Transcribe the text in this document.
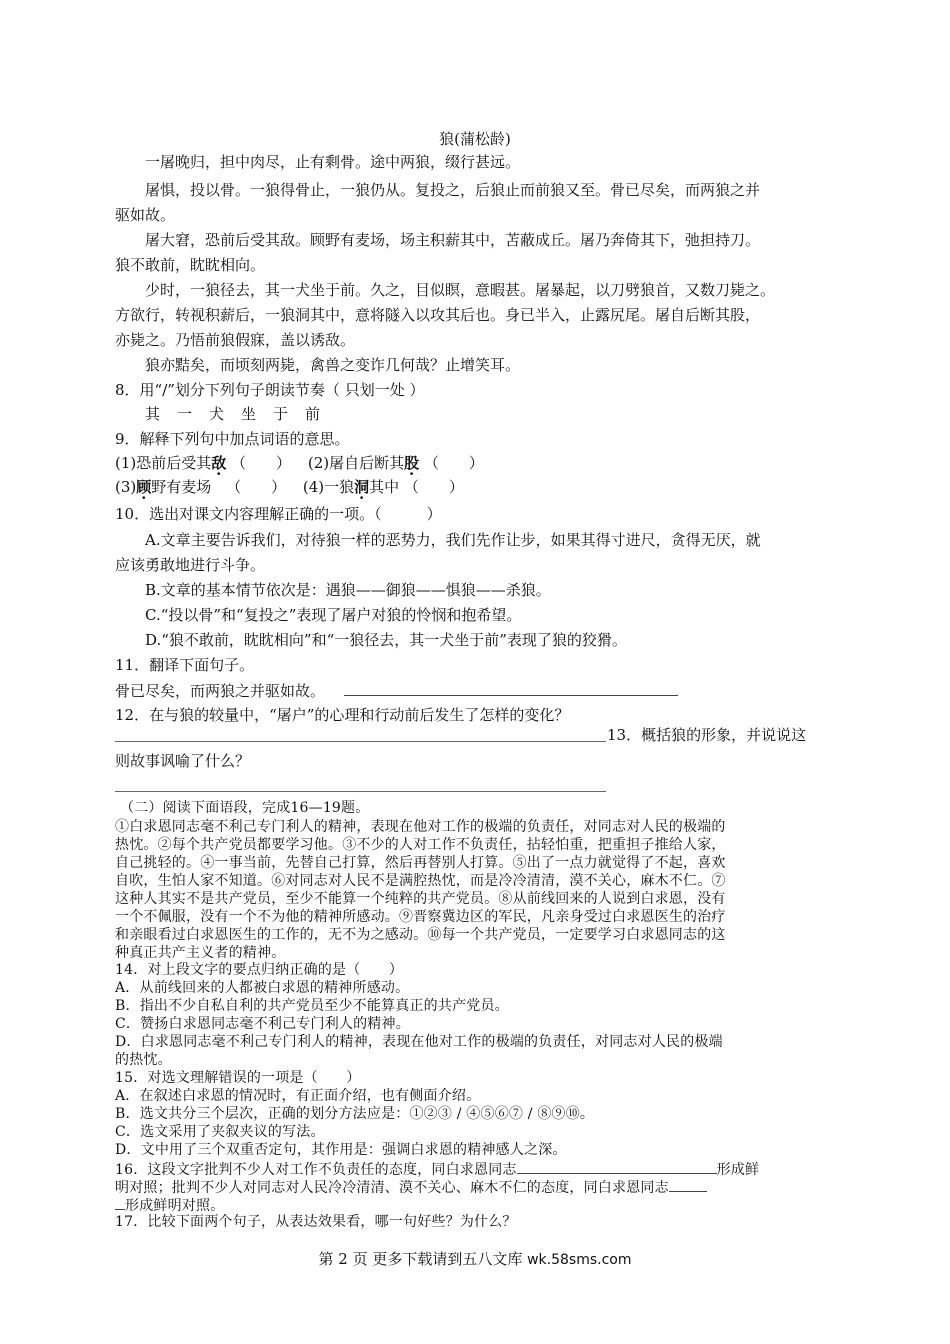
狼(蒲松龄)
一屠晚归，担中肉尽，止有剩骨。途中两狼，缀行甚远。
屠惧，投以骨。一狼得骨止，一狼仍从。复投之，后狼止而前狼又至。骨已尽矣，而两狼之并
驱如故。
屠大窘，恐前后受其敌。顾野有麦场，场主积薪其中，苫蔽成丘。屠乃奔倚其下，弛担持刀。
狼不敢前，眈眈相向。
少时，一狼径去，其一犬坐于前。久之，目似瞑，意暇甚。屠暴起，以刀劈狼首，又数刀毙之。
方欲行，转视积薪后，一狼洞其中，意将隧入以攻其后也。身已半入，止露尻尾。屠自后断其股，
亦毙之。乃悟前狼假寐，盖以诱敌。
狼亦黠矣，而顷刻两毙，禽兽之变诈几何哉？止增笑耳。
8．用“/”划分下列句子朗读节奏（ 只划一处 ）
其一犬坐于前
9．解释下列句中加点词语的意思。
(1)恐前后受其敌 （　　） (2)屠自后断其股 （　　）
(3)顾野有麦场 （　　） (4)一狼洞其中 （　　）
10．选出对课文内容理解正确的一项。（　　　）
A.文章主要告诉我们，对待狼一样的恶势力，我们先作让步，如果其得寸进尺，贪得无厌，就
应该勇敢地进行斗争。
B.文章的基本情节依次是：遇狼——御狼——惧狼——杀狼。
C.“投以骨”和“复投之”表现了屠户对狼的怜悯和抱希望。
D.“狼不敢前，眈眈相向”和“一狼径去，其一犬坐于前”表现了狼的狡猾。
11．翻译下面句子。
骨已尽矣，而两狼之并驱如故。
12．在与狼的较量中，“屠户”的心理和行动前后发生了怎样的变化？
13．概括狼的形象，并说说这
则故事讽喻了什么？
（二）阅读下面语段，完成16—19题。
①白求恩同志毫不利己专门利人的精神，表现在他对工作的极端的负责任，对同志对人民的极端的
热忱。②每个共产党员都要学习他。③不少的人对工作不负责任，拈轻怕重，把重担子推给人家，
自己挑轻的。④一事当前，先替自己打算，然后再替别人打算。⑤出了一点力就觉得了不起，喜欢
自吹，生怕人家不知道。⑥对同志对人民不是满腔热忱，而是冷冷清清，漠不关心，麻木不仁。⑦
这种人其实不是共产党员，至少不能算一个纯粹的共产党员。⑧从前线回来的人说到白求恩，没有
一个不佩服，没有一个不为他的精神所感动。⑨晋察冀边区的军民，凡亲身受过白求恩医生的治疗
和亲眼看过白求恩医生的工作的，无不为之感动。⑩每一个共产党员，一定要学习白求恩同志的这
种真正共产主义者的精神。
14．对上段文字的要点归纳正确的是（　　）
A．从前线回来的人都被白求恩的精神所感动。
B．指出不少自私自利的共产党员至少不能算真正的共产党员。
C．赞扬白求恩同志毫不利己专门利人的精神。
D．白求恩同志毫不利己专门利人的精神，表现在他对工作的极端的负责任，对同志对人民的极端
的热忱。
15．对选文理解错误的一项是（　　）
A．在叙述白求恩的情况时，有正面介绍，也有侧面介绍。
B．选文共分三个层次，正确的划分方法应是：①②③ / ④⑤⑥⑦ / ⑧⑨⑩。
C．选文采用了夹叙夹议的写法。
D．文中用了三个双重否定句，其作用是：强调白求恩的精神感人之深。
16．这段文字批判不少人对工作不负责任的态度，同白求恩同志	形成鲜
明对照；批判不少人对同志对人民冷冷清清、漠不关心、麻木不仁的态度，同白求恩同志
形成鲜明对照。
17．比较下面两个句子，从表达效果看，哪一句好些？为什么？
第 2 页 更多下载请到五八文库 wk.58sms.com
